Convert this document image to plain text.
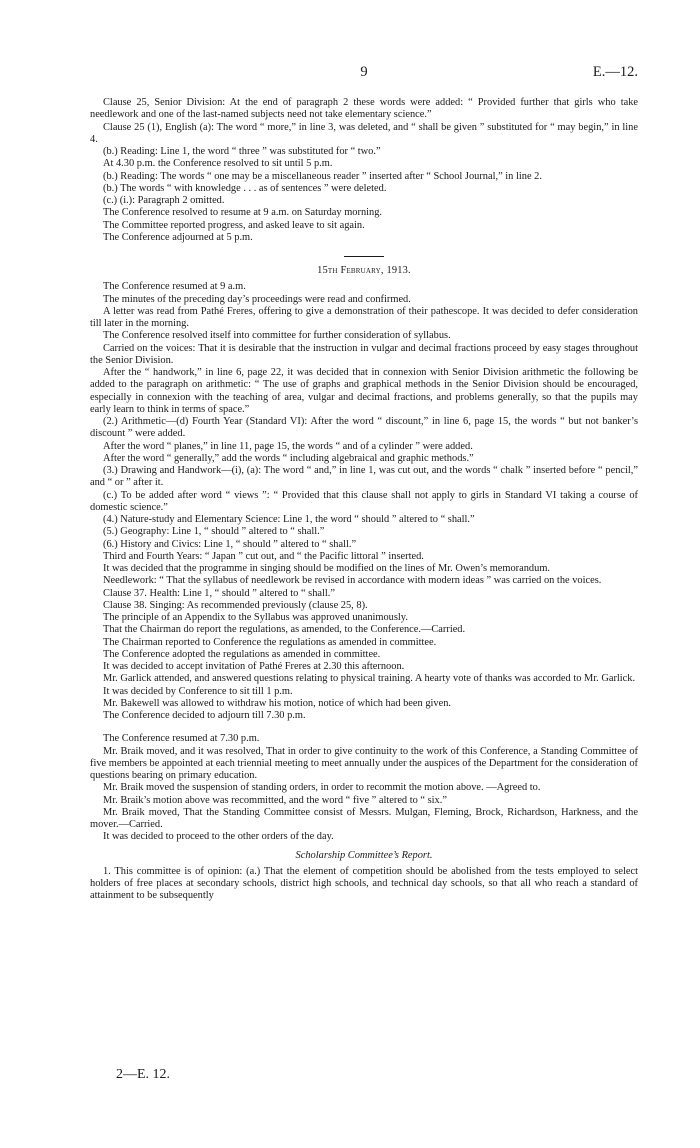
9	E.—12.

Clause 25, Senior Division: At the end of paragraph 2 these words were added: “ Provided further that girls who take needlework and one of the last-named subjects need not take elementary science.”

Clause 25 (1), English (a): The word “ more,” in line 3, was deleted, and “ shall be given ” substituted for “ may begin,” in line 4.

(b.) Reading: Line 1, the word “ three ” was substituted for “ two.”

At 4.30 p.m. the Conference resolved to sit until 5 p.m.

(b.) Reading: The words “ one may be a miscellaneous reader ” inserted after “ School Journal,” in line 2.

(b.) The words “ with knowledge . . . as of sentences ” were deleted.

(c.) (i.): Paragraph 2 omitted.

The Conference resolved to resume at 9 a.m. on Saturday morning.

The Committee reported progress, and asked leave to sit again.

The Conference adjourned at 5 p.m.

15th February, 1913.

The Conference resumed at 9 a.m.

The minutes of the preceding day’s proceedings were read and confirmed.

A letter was read from Pathé Freres, offering to give a demonstration of their pathescope. It was decided to defer consideration till later in the morning.

The Conference resolved itself into committee for further consideration of syllabus.

Carried on the voices: That it is desirable that the instruction in vulgar and decimal fractions proceed by easy stages throughout the Senior Division.

After the “ handwork,” in line 6, page 22, it was decided that in connexion with Senior Division arithmetic the following be added to the paragraph on arithmetic: “ The use of graphs and graphical methods in the Senior Division should be encouraged, especially in connexion with the teaching of area, vulgar and decimal fractions, and problems generally, so that the pupils may early learn to think in terms of space.”

(2.) Arithmetic—(d) Fourth Year (Standard VI): After the word “ discount,” in line 6, page 15, the words “ but not banker’s discount ” were added.

After the word “ planes,” in line 11, page 15, the words “ and of a cylinder ” were added.

After the word “ generally,” add the words “ including algebraical and graphic methods.”

(3.) Drawing and Handwork—(i), (a): The word “ and,” in line 1, was cut out, and the words “ chalk ” inserted before “ pencil,” and “ or ” after it.

(c.) To be added after word “ views ”: “ Provided that this clause shall not apply to girls in Standard VI taking a course of domestic science.”

(4.) Nature-study and Elementary Science: Line 1, the word “ should ” altered to “ shall.”

(5.) Geography: Line 1, “ should ” altered to “ shall.”

(6.) History and Civics: Line 1, “ should ” altered to “ shall.”

Third and Fourth Years: “ Japan ” cut out, and “ the Pacific littoral ” inserted.

It was decided that the programme in singing should be modified on the lines of Mr. Owen’s memorandum.

Needlework: “ That the syllabus of needlework be revised in accordance with modern ideas ” was carried on the voices.

Clause 37. Health: Line 1, “ should ” altered to “ shall.”

Clause 38. Singing: As recommended previously (clause 25, 8).

The principle of an Appendix to the Syllabus was approved unanimously.

That the Chairman do report the regulations, as amended, to the Conference.—Carried.

The Chairman reported to Conference the regulations as amended in committee.

The Conference adopted the regulations as amended in committee.

It was decided to accept invitation of Pathé Freres at 2.30 this afternoon.

Mr. Garlick attended, and answered questions relating to physical training. A hearty vote of thanks was accorded to Mr. Garlick.

It was decided by Conference to sit till 1 p.m.

Mr. Bakewell was allowed to withdraw his motion, notice of which had been given.

The Conference decided to adjourn till 7.30 p.m.

The Conference resumed at 7.30 p.m.

Mr. Braik moved, and it was resolved, That in order to give continuity to the work of this Conference, a Standing Committee of five members be appointed at each triennial meeting to meet annually under the auspices of the Department for the consideration of questions bearing on primary education.

Mr. Braik moved the suspension of standing orders, in order to recommit the motion above. —Agreed to.

Mr. Braik’s motion above was recommitted, and the word “ five ” altered to “ six.”

Mr. Braik moved, That the Standing Committee consist of Messrs. Mulgan, Fleming, Brock, Richardson, Harkness, and the mover.—Carried.

It was decided to proceed to the other orders of the day.

Scholarship Committee’s Report.

1. This committee is of opinion: (a.) That the element of competition should be abolished from the tests employed to select holders of free places at secondary schools, district high schools, and technical day schools, so that all who reach a standard of attainment to be subsequently

2—E. 12.
